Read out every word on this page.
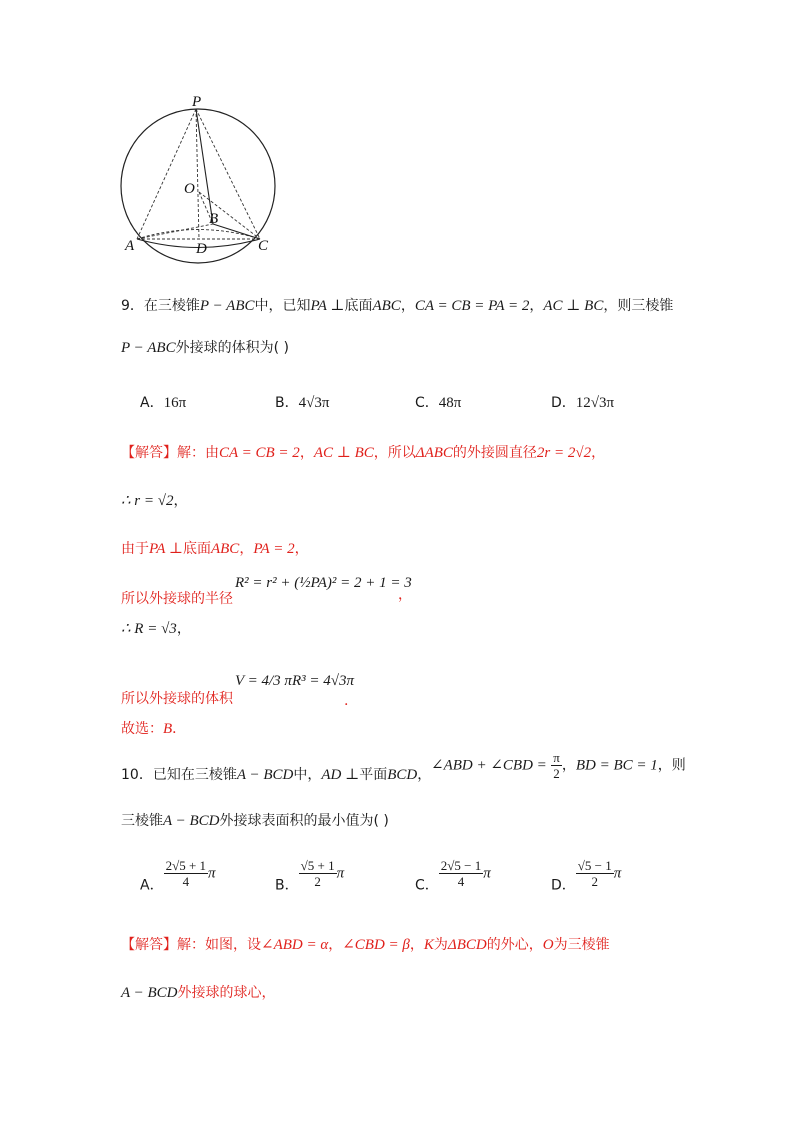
P
O
B
D
A	C
9．在三棱锥P − ABC中，已知PA ⊥底面ABC，CA = CB = PA = 2，AC ⊥ BC，则三棱锥
P − ABC外接球的体积为( )
A．16π	B．4√3π	C．48π	D．12√3π
【解答】解：由CA = CB = 2，AC ⊥ BC，所以ΔABC的外接圆直径2r = 2√2，
∴ r = √2，
由于PA ⊥底面ABC，PA = 2，
R² = r² + (½PA)² = 2 + 1 = 3
所以外接球的半径	，
∴ R = √3，
V = 4/3 πR³ = 4√3π
所以外接球的体积	.
故选：B．
10．已知在三棱锥A − BCD中，AD ⊥平面BCD，
∠ABD + ∠CBD = $\frac{\pi}{2}$ ，BD = BC = 1，则
三棱锥A − BCD外接球表面积的最小值为( )
A． $\frac{2√5 + 1}{4}$ π
B． $\frac{√5 + 1}{2}$ π
C． $\frac{2√5 - 1}{4}$ π
D． $\frac{√5 - 1}{2}$ π
【解答】解：如图，设∠ABD = α，∠CBD = β，K为ΔBCD的外心，O为三棱锥
A − BCD外接球的球心，
